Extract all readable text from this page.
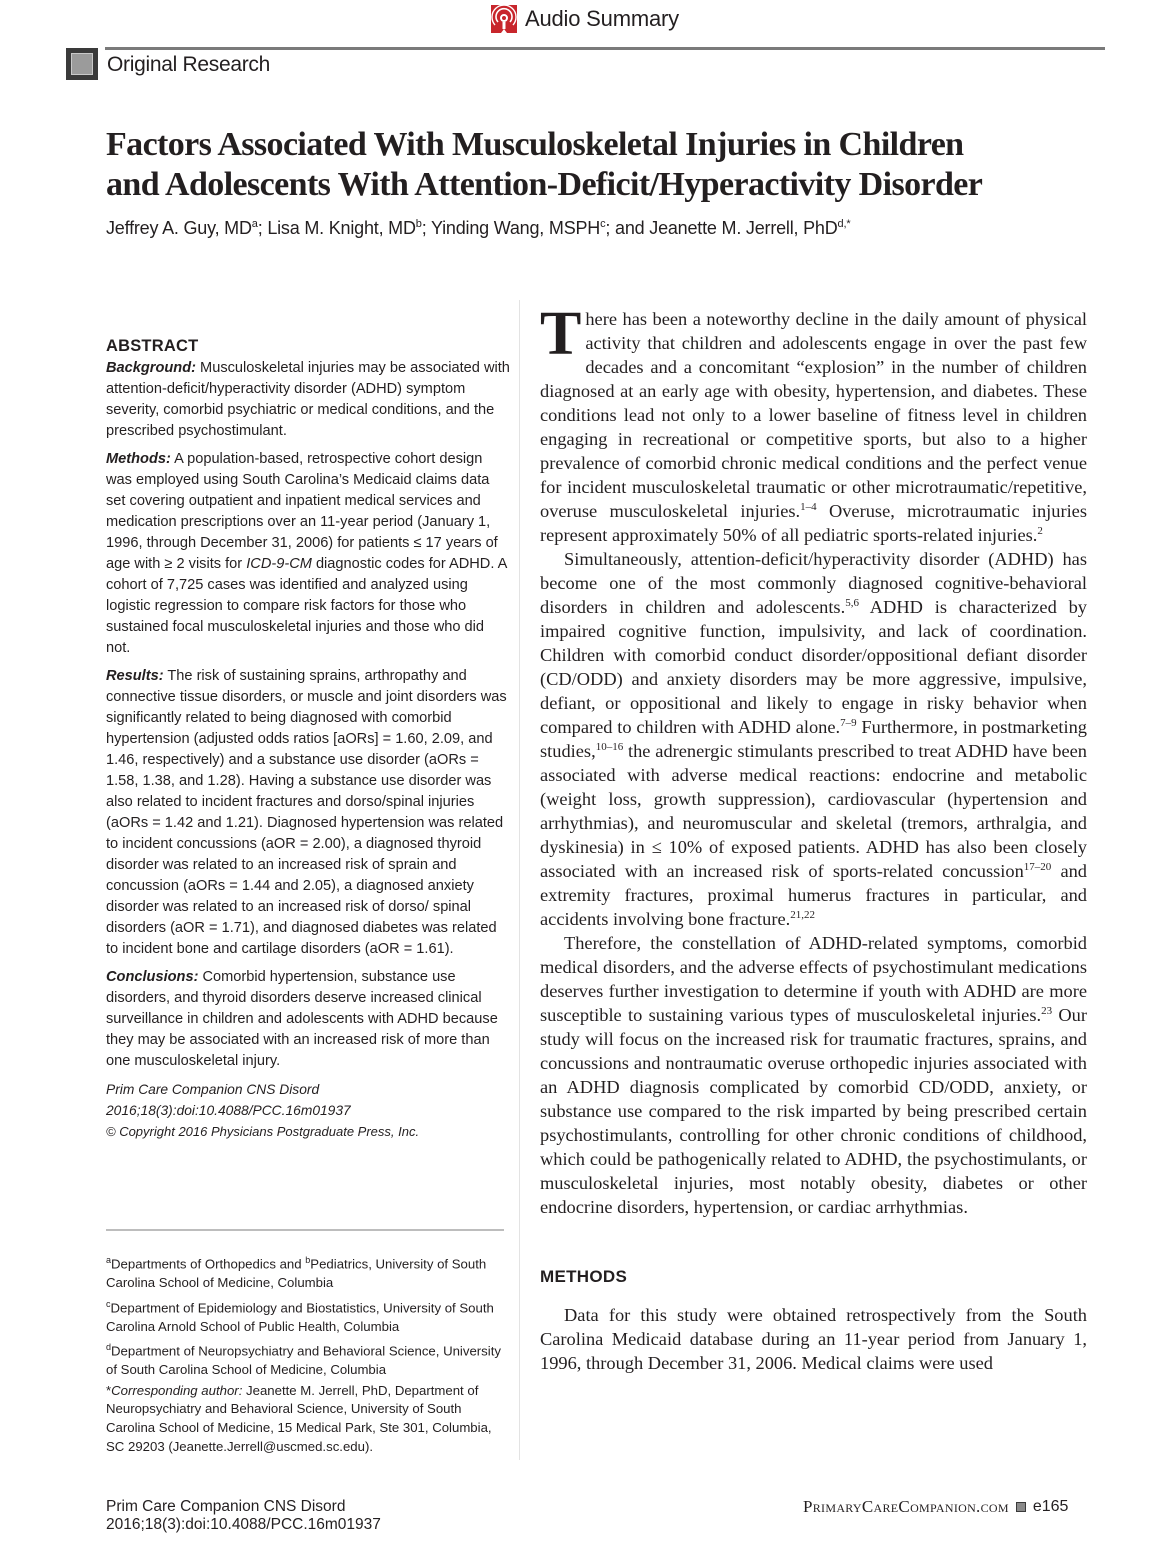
Audio Summary
Original Research
Factors Associated With Musculoskeletal Injuries in Children
and Adolescents With Attention-Deficit/Hyperactivity Disorder
Jeffrey A. Guy, $MD^a$; Lisa M. Knight, $MD^b$; Yinding Wang, MSPH$^c$; and Jeanette M. Jerrell, PhD$^{d,*}$
ABSTRACT

Background: Musculoskeletal injuries may be associated with attention-deficit/hyperactivity disorder (ADHD) symptom severity, comorbid psychiatric or medical conditions, and the prescribed psychostimulant.

Methods: A population-based, retrospective cohort design was employed using South Carolina’s Medicaid claims data set covering outpatient and inpatient medical services and medication prescriptions over an 11-year period (January 1, 1996, through December 31, 2006) for patients ≤ 17 years of age with ≥ 2 visits for ICD-9-CM diagnostic codes for ADHD. A cohort of 7,725 cases was identified and analyzed using logistic regression to compare risk factors for those who sustained focal musculoskeletal injuries and those who did not.

Results: The risk of sustaining sprains, arthropathy and connective tissue disorders, or muscle and joint disorders was significantly related to being diagnosed with comorbid hypertension (adjusted odds ratios [aORs] = 1.60, 2.09, and 1.46, respectively) and a substance use disorder (aORs = 1.58, 1.38, and 1.28). Having a substance use disorder was also related to incident fractures and dorso/spinal injuries (aORs = 1.42 and 1.21). Diagnosed hypertension was related to incident concussions (aOR = 2.00), a diagnosed thyroid disorder was related to an increased risk of sprain and concussion (aORs = 1.44 and 2.05), a diagnosed anxiety disorder was related to an increased risk of dorso/ spinal disorders (aOR = 1.71), and diagnosed diabetes was related to incident bone and cartilage disorders (aOR = 1.61).

Conclusions: Comorbid hypertension, substance use disorders, and thyroid disorders deserve increased clinical surveillance in children and adolescents with ADHD because they may be associated with an increased risk of more than one musculoskeletal injury.

Prim Care Companion CNS Disord
2016;18(3):doi:10.4088/PCC.16m01937
© Copyright 2016 Physicians Postgraduate Press, Inc.

$^a$Departments of Orthopedics and $^b$Pediatrics, University of South Carolina School of Medicine, Columbia

$^c$Department of Epidemiology and Biostatistics, University of South Carolina Arnold School of Public Health, Columbia

$^d$Department of Neuropsychiatry and Behavioral Science, University of South Carolina School of Medicine, Columbia

*Corresponding author: Jeanette M. Jerrell, PhD, Department of Neuropsychiatry and Behavioral Science, University of South Carolina School of Medicine, 15 Medical Park, Ste 301, Columbia, SC 29203 (Jeanette.Jerrell@uscmed.sc.edu).

There has been a noteworthy decline in the daily amount of physical activity that children and adolescents engage in over the past few decades and a concomitant “explosion” in the number of children diagnosed at an early age with obesity, hypertension, and diabetes. These conditions lead not only to a lower baseline of fitness level in children engaging in recreational or competitive sports, but also to a higher prevalence of comorbid chronic medical conditions and the perfect venue for incident musculoskeletal traumatic or other microtraumatic/repetitive, overuse musculoskeletal injuries.$^{1-4}$ Overuse, microtraumatic injuries represent approximately 50% of all pediatric sports-related injuries.$^2$

Simultaneously, attention-deficit/hyperactivity disorder (ADHD) has become one of the most commonly diagnosed cognitive-behavioral disorders in children and adolescents.$^{5,6}$ ADHD is characterized by impaired cognitive function, impulsivity, and lack of coordination. Children with comorbid conduct disorder/oppositional defiant disorder (CD/ODD) and anxiety disorders may be more aggressive, impulsive, defiant, or oppositional and likely to engage in risky behavior when compared to children with ADHD alone.$^{7-9}$ Furthermore, in postmarketing studies,$^{10-16}$ the adrenergic stimulants prescribed to treat ADHD have been associated with adverse medical reactions: endocrine and metabolic (weight loss, growth suppression), cardiovascular (hypertension and arrhythmias), and neuromuscular and skeletal (tremors, arthralgia, and dyskinesia) in ≤ 10% of exposed patients. ADHD has also been closely associated with an increased risk of sports-related concussion$^{17-20}$ and extremity fractures, proximal humerus fractures in particular, and accidents involving bone fracture.$^{21,22}$

Therefore, the constellation of ADHD-related symptoms, comorbid medical disorders, and the adverse effects of psychostimulant medications deserves further investigation to determine if youth with ADHD are more susceptible to sustaining various types of musculoskeletal injuries.$^{23}$ Our study will focus on the increased risk for traumatic fractures, sprains, and concussions and nontraumatic overuse orthopedic injuries associated with an ADHD diagnosis complicated by comorbid CD/ODD, anxiety, or substance use compared to the risk imparted by being prescribed certain psychostimulants, controlling for other chronic conditions of childhood, which could be pathogenically related to ADHD, the psychostimulants, or musculoskeletal injuries, most notably obesity, diabetes or other endocrine disorders, hypertension, or cardiac arrhythmias.

METHODS

Data for this study were obtained retrospectively from the South Carolina Medicaid database during an 11-year period from January 1, 1996, through December 31, 2006. Medical claims were used

Prim Care Companion CNS Disord
2016;18(3):doi:10.4088/PCC.16m01937
PrimaryCareCompanion.com e165
